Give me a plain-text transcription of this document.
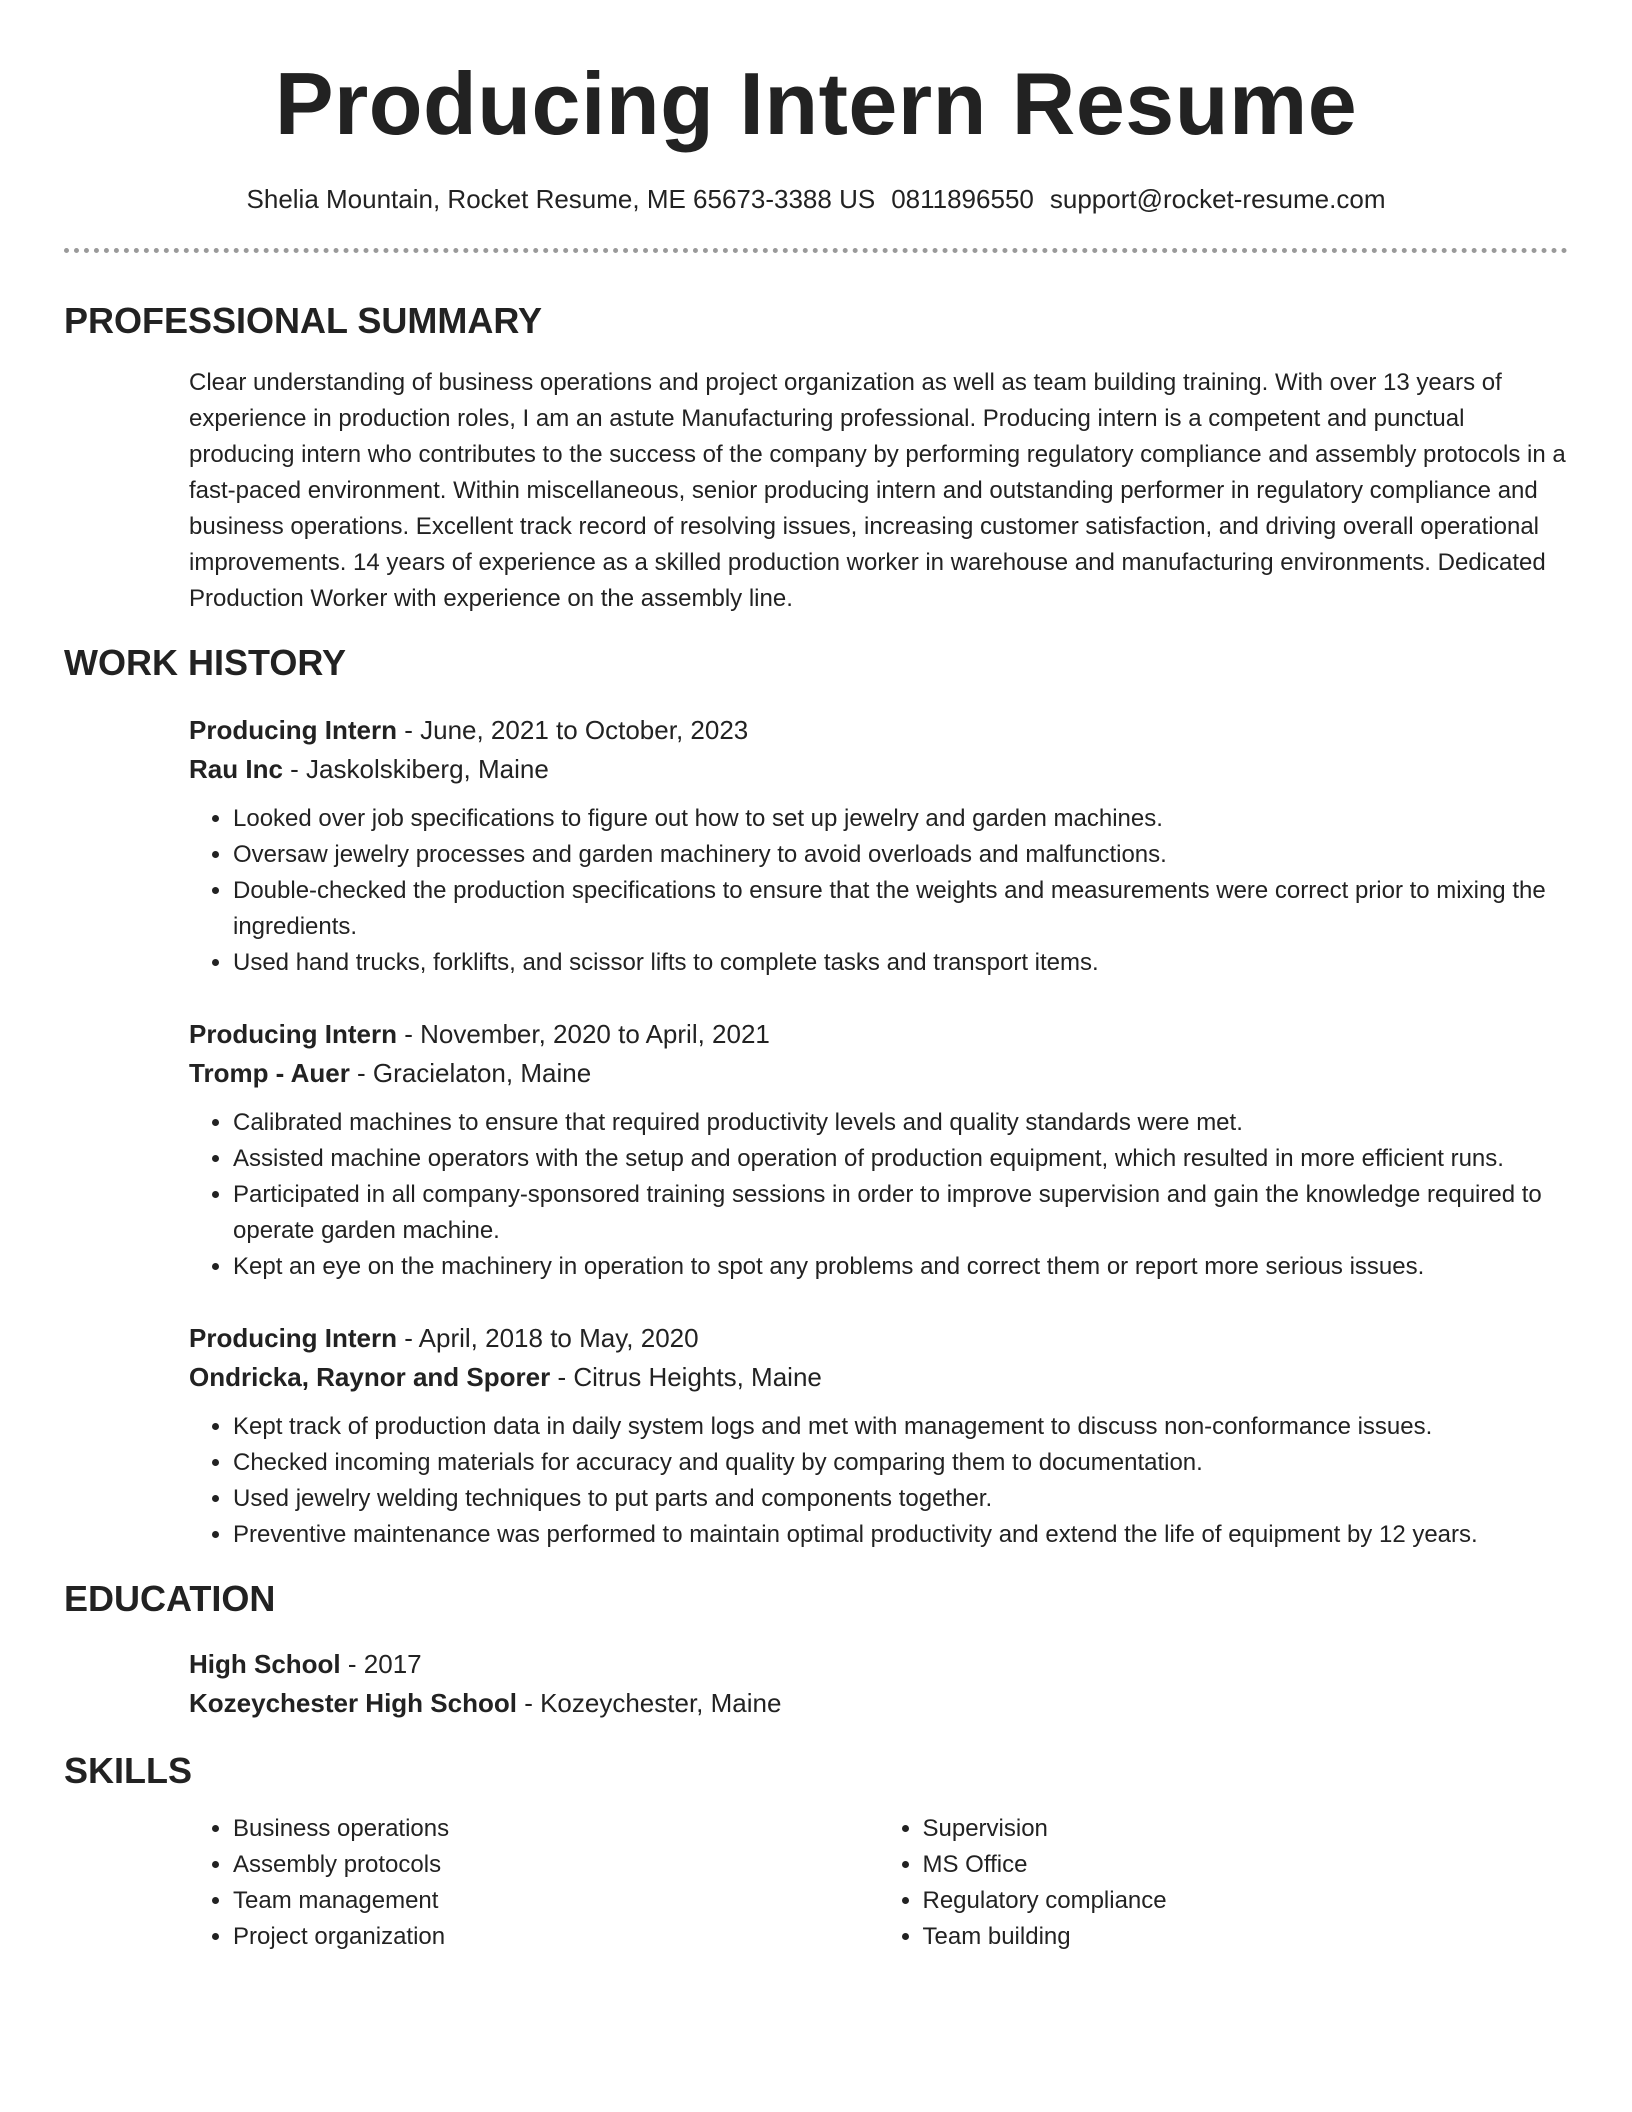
Producing Intern Resume
Shelia Mountain, Rocket Resume, ME 65673-3388 US 0811896550 support@rocket-resume.com
PROFESSIONAL SUMMARY
Clear understanding of business operations and project organization as well as team building training. With over 13 years of experience in production roles, I am an astute Manufacturing professional. Producing intern is a competent and punctual producing intern who contributes to the success of the company by performing regulatory compliance and assembly protocols in a fast-paced environment. Within miscellaneous, senior producing intern and outstanding performer in regulatory compliance and business operations. Excellent track record of resolving issues, increasing customer satisfaction, and driving overall operational improvements. 14 years of experience as a skilled production worker in warehouse and manufacturing environments. Dedicated Production Worker with experience on the assembly line.
WORK HISTORY
Producing Intern - June, 2021 to October, 2023
Rau Inc - Jaskolskiberg, Maine
• Looked over job specifications to figure out how to set up jewelry and garden machines.
• Oversaw jewelry processes and garden machinery to avoid overloads and malfunctions.
• Double-checked the production specifications to ensure that the weights and measurements were correct prior to mixing the ingredients.
• Used hand trucks, forklifts, and scissor lifts to complete tasks and transport items.
Producing Intern - November, 2020 to April, 2021
Tromp - Auer - Gracielaton, Maine
• Calibrated machines to ensure that required productivity levels and quality standards were met.
• Assisted machine operators with the setup and operation of production equipment, which resulted in more efficient runs.
• Participated in all company-sponsored training sessions in order to improve supervision and gain the knowledge required to operate garden machine.
• Kept an eye on the machinery in operation to spot any problems and correct them or report more serious issues.
Producing Intern - April, 2018 to May, 2020
Ondricka, Raynor and Sporer - Citrus Heights, Maine
• Kept track of production data in daily system logs and met with management to discuss non-conformance issues.
• Checked incoming materials for accuracy and quality by comparing them to documentation.
• Used jewelry welding techniques to put parts and components together.
• Preventive maintenance was performed to maintain optimal productivity and extend the life of equipment by 12 years.
EDUCATION
High School - 2017
Kozeychester High School - Kozeychester, Maine
SKILLS
• Business operations
• Assembly protocols
• Team management
• Project organization
• Supervision
• MS Office
• Regulatory compliance
• Team building
